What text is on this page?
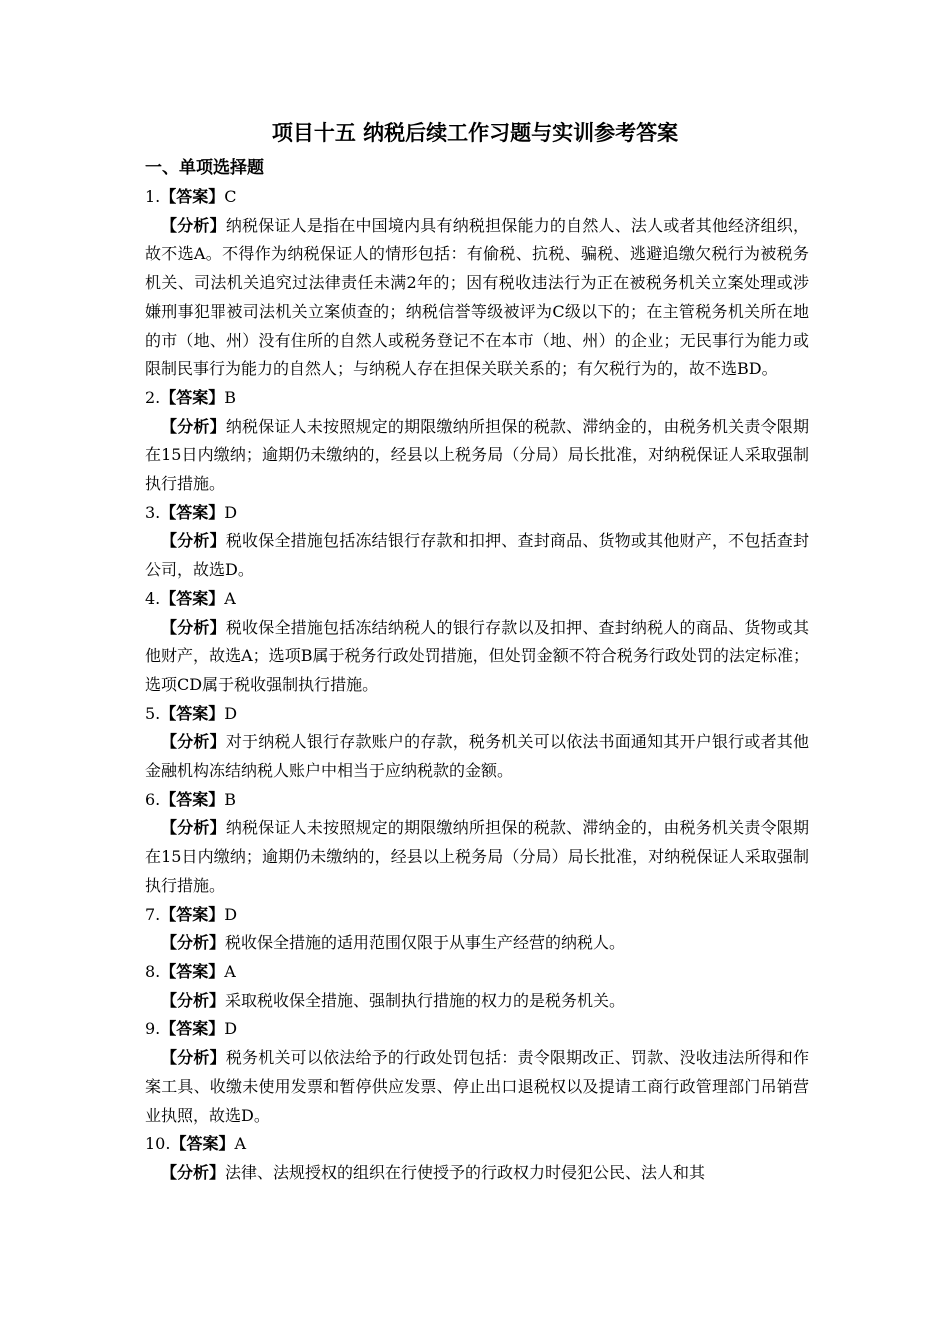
项目十五 纳税后续工作习题与实训参考答案
一、单项选择题

1.【答案】C

【分析】纳税保证人是指在中国境内具有纳税担保能力的自然人、法人或者其他经济组织，故不选A。不得作为纳税保证人的情形包括：有偷税、抗税、骗税、逃避追缴欠税行为被税务机关、司法机关追究过法律责任未满2年的；因有税收违法行为正在被税务机关立案处理或涉嫌刑事犯罪被司法机关立案侦查的；纳税信誉等级被评为C级以下的；在主管税务机关所在地的市（地、州）没有住所的自然人或税务登记不在本市（地、州）的企业；无民事行为能力或限制民事行为能力的自然人；与纳税人存在担保关联关系的；有欠税行为的，故不选BD。

2.【答案】B

【分析】纳税保证人未按照规定的期限缴纳所担保的税款、滞纳金的，由税务机关责令限期在15日内缴纳；逾期仍未缴纳的，经县以上税务局（分局）局长批准，对纳税保证人采取强制执行措施。

3.【答案】D

【分析】税收保全措施包括冻结银行存款和扣押、查封商品、货物或其他财产，不包括查封公司，故选D。

4.【答案】A

【分析】税收保全措施包括冻结纳税人的银行存款以及扣押、查封纳税人的商品、货物或其他财产，故选A；选项B属于税务行政处罚措施，但处罚金额不符合税务行政处罚的法定标准；选项CD属于税收强制执行措施。

5.【答案】D

【分析】对于纳税人银行存款账户的存款，税务机关可以依法书面通知其开户银行或者其他金融机构冻结纳税人账户中相当于应纳税款的金额。

6.【答案】B

【分析】纳税保证人未按照规定的期限缴纳所担保的税款、滞纳金的，由税务机关责令限期在15日内缴纳；逾期仍未缴纳的，经县以上税务局（分局）局长批准，对纳税保证人采取强制执行措施。

7.【答案】D

【分析】税收保全措施的适用范围仅限于从事生产经营的纳税人。

8.【答案】A

【分析】采取税收保全措施、强制执行措施的权力的是税务机关。

9.【答案】D

【分析】税务机关可以依法给予的行政处罚包括：责令限期改正、罚款、没收违法所得和作案工具、收缴未使用发票和暂停供应发票、停止出口退税权以及提请工商行政管理部门吊销营业执照，故选D。

10.【答案】A

【分析】法律、法规授权的组织在行使授予的行政权力时侵犯公民、法人和其
